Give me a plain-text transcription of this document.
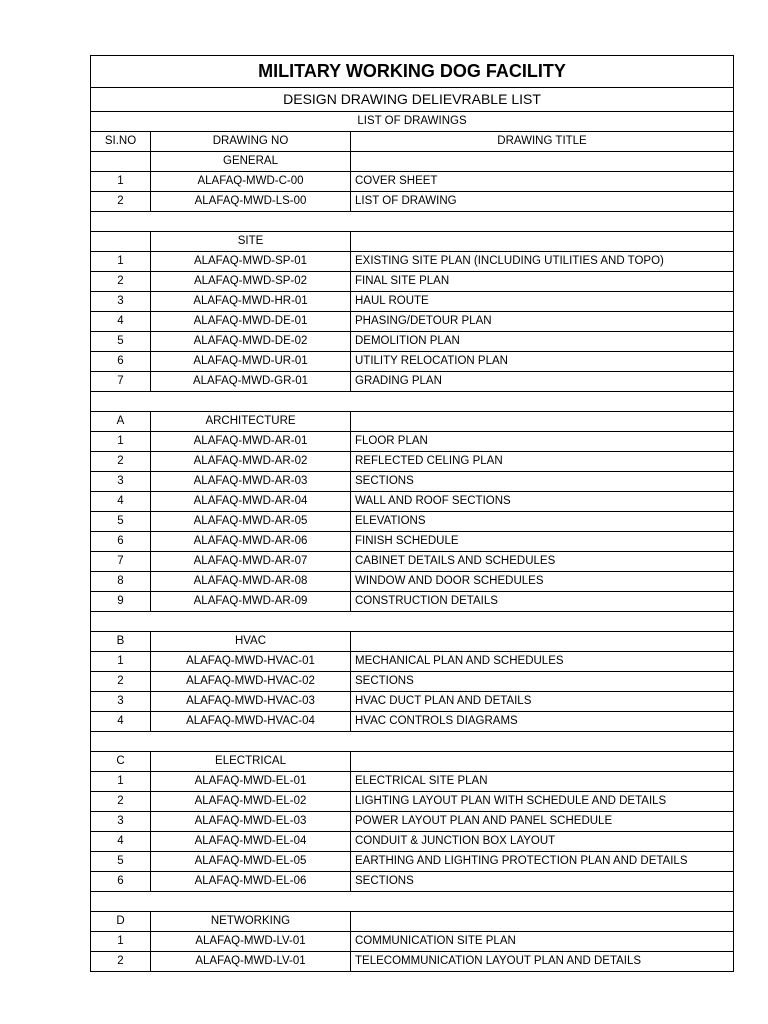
MILITARY WORKING DOG FACILITY		
DESIGN DRAWING DELIEVRABLE LIST		
LIST OF DRAWINGS		
SI.NO	DRAWING NO	DRAWING TITLE
	GENERAL	
1	ALAFAQ-MWD-C-00	COVER SHEET
2	ALAFAQ-MWD-LS-00	LIST OF DRAWING

	SITE	
1	ALAFAQ-MWD-SP-01	EXISTING SITE PLAN (INCLUDING UTILITIES AND TOPO)
2	ALAFAQ-MWD-SP-02	FINAL SITE PLAN
3	ALAFAQ-MWD-HR-01	HAUL ROUTE
4	ALAFAQ-MWD-DE-01	PHASING/DETOUR PLAN
5	ALAFAQ-MWD-DE-02	DEMOLITION PLAN
6	ALAFAQ-MWD-UR-01	UTILITY RELOCATION PLAN
7	ALAFAQ-MWD-GR-01	GRADING PLAN

A	ARCHITECTURE	
1	ALAFAQ-MWD-AR-01	FLOOR PLAN
2	ALAFAQ-MWD-AR-02	REFLECTED CELING PLAN
3	ALAFAQ-MWD-AR-03	SECTIONS
4	ALAFAQ-MWD-AR-04	WALL AND ROOF SECTIONS
5	ALAFAQ-MWD-AR-05	ELEVATIONS
6	ALAFAQ-MWD-AR-06	FINISH SCHEDULE
7	ALAFAQ-MWD-AR-07	CABINET DETAILS AND SCHEDULES
8	ALAFAQ-MWD-AR-08	WINDOW AND DOOR SCHEDULES
9	ALAFAQ-MWD-AR-09	CONSTRUCTION DETAILS

B	HVAC	
1	ALAFAQ-MWD-HVAC-01	MECHANICAL PLAN AND SCHEDULES
2	ALAFAQ-MWD-HVAC-02	SECTIONS
3	ALAFAQ-MWD-HVAC-03	HVAC DUCT PLAN AND DETAILS
4	ALAFAQ-MWD-HVAC-04	HVAC CONTROLS DIAGRAMS

C	ELECTRICAL	
1	ALAFAQ-MWD-EL-01	ELECTRICAL SITE PLAN
2	ALAFAQ-MWD-EL-02	LIGHTING LAYOUT PLAN WITH SCHEDULE AND DETAILS
3	ALAFAQ-MWD-EL-03	POWER LAYOUT PLAN AND PANEL SCHEDULE
4	ALAFAQ-MWD-EL-04	CONDUIT & JUNCTION BOX LAYOUT
5	ALAFAQ-MWD-EL-05	EARTHING AND LIGHTING PROTECTION PLAN AND DETAILS
6	ALAFAQ-MWD-EL-06	SECTIONS

D	NETWORKING	
1	ALAFAQ-MWD-LV-01	COMMUNICATION SITE PLAN
2	ALAFAQ-MWD-LV-01	TELECOMMUNICATION LAYOUT PLAN AND DETAILS
